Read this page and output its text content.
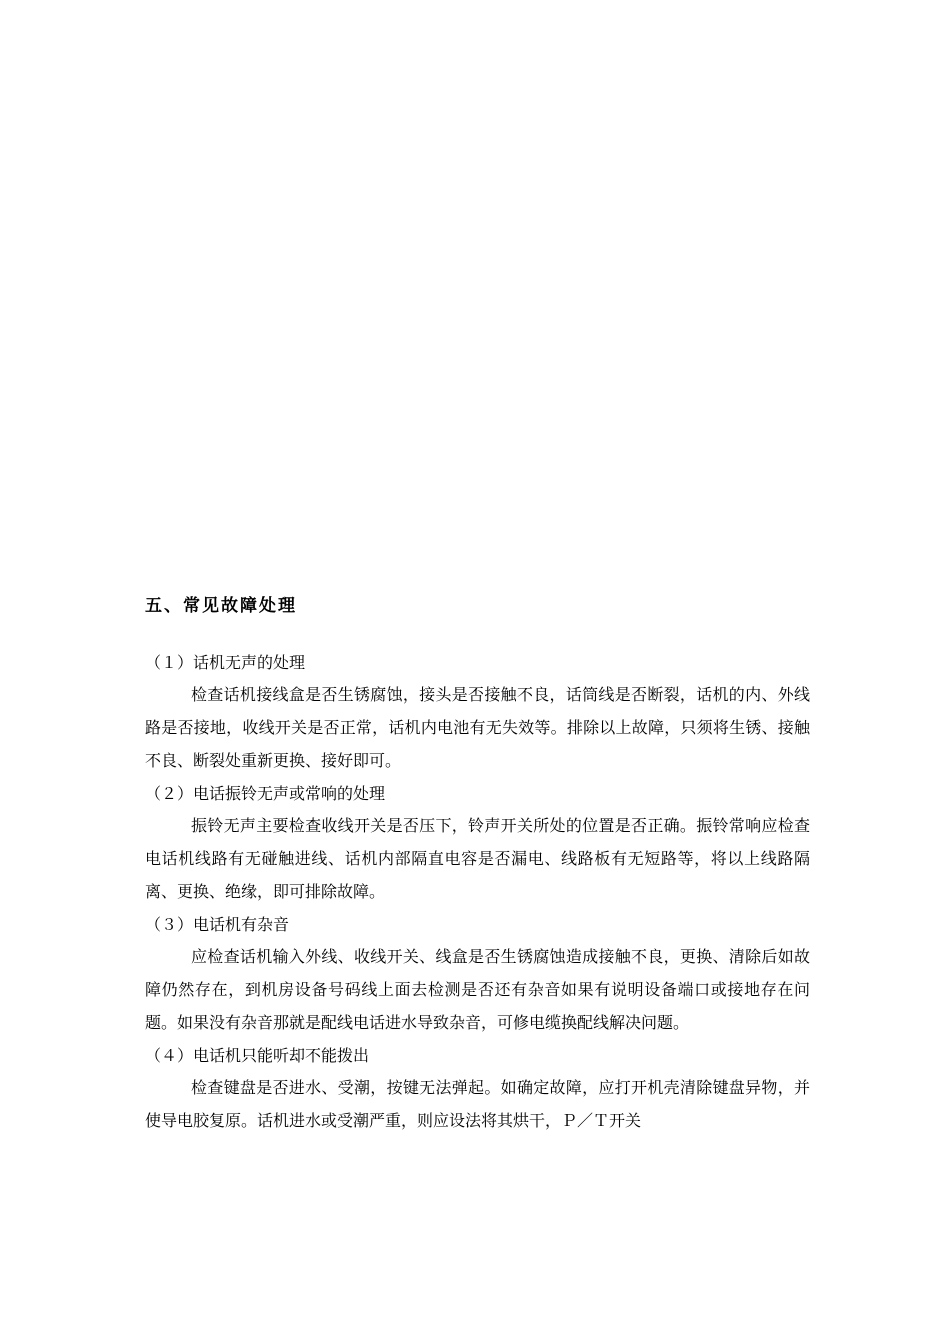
五、常见故障处理

（１）话机无声的处理

检查话机接线盒是否生锈腐蚀，接头是否接触不良，话筒线是否断裂，话机的内、外线路是否接地，收线开关是否正常，话机内电池有无失效等。排除以上故障，只须将生锈、接触不良、断裂处重新更换、接好即可。

（２）电话振铃无声或常响的处理

振铃无声主要检查收线开关是否压下，铃声开关所处的位置是否正确。振铃常响应检查电话机线路有无碰触进线、话机内部隔直电容是否漏电、线路板有无短路等，将以上线路隔离、更换、绝缘，即可排除故障。

（３）电话机有杂音

应检查话机输入外线、收线开关、线盒是否生锈腐蚀造成接触不良，更换、清除后如故障仍然存在，到机房设备号码线上面去检测是否还有杂音如果有说明设备端口或接地存在问题。如果没有杂音那就是配线电话进水导致杂音，可修电缆换配线解决问题。

（４）电话机只能听却不能拨出

检查键盘是否进水、受潮，按键无法弹起。如确定故障，应打开机壳清除键盘异物，并使导电胶复原。话机进水或受潮严重，则应设法将其烘干，Ｐ／Ｔ开关
